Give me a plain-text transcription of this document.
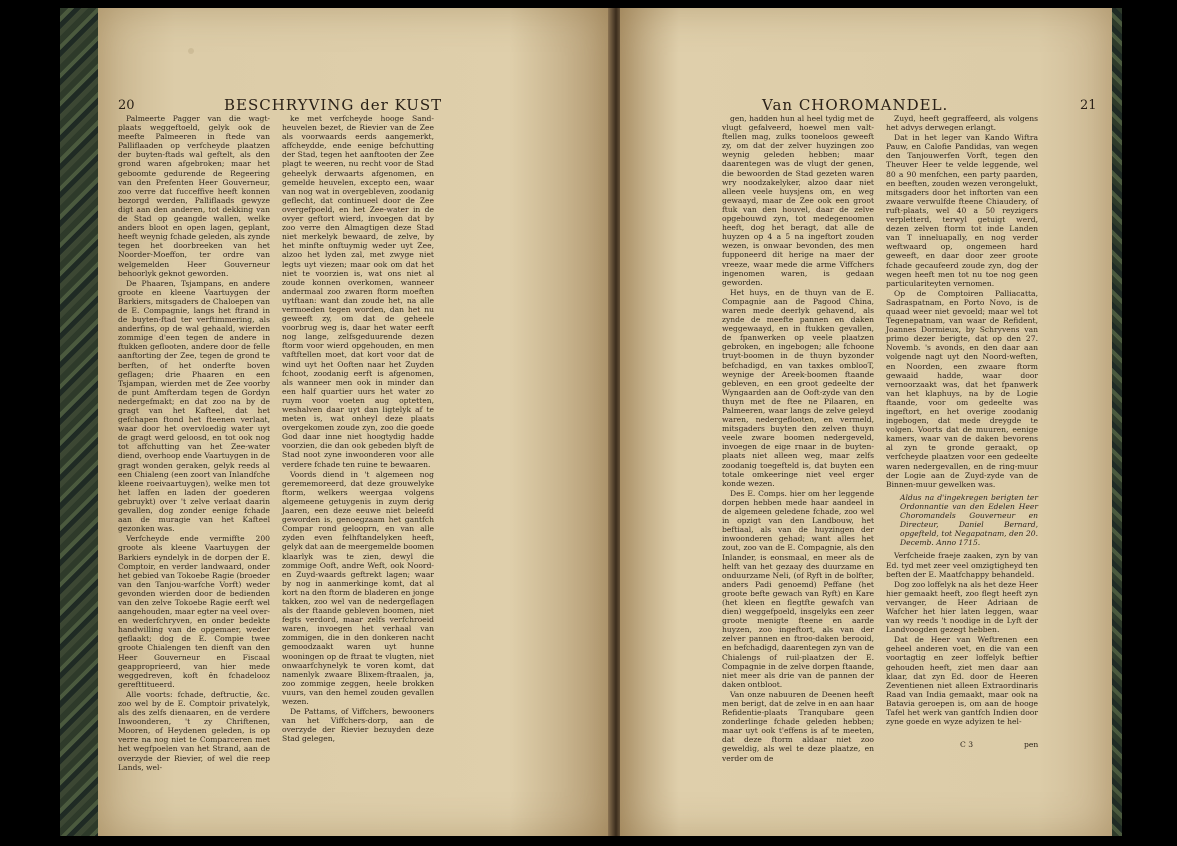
20	BESCHRYVING der KUST

Palmeerte Pagger van die wagt-plaats weggeftoeld, gelyk ook de meefte Palmeeren in ftede van Palliflaaden op verfcheyde plaatzen der buyten-ftads wal geftelt, als den grond waren afgebroken; maar het geboomte gedurende de Regeering van den Prefenten Heer Gouverneur, zoo verre dat fucceffive heeft konnen bezorgd werden, Palliflaads gewyze digt aan den anderen, tot dekking van de Stad op geangde wallen, welke anders bloot en open lagen, geplant, heeft weynig fchade geleden, als zynde tegen het doorbreeken van het Noorder-Moeffon, ter ordre van welgemelden Heer Gouverneur behoorlyk geknot geworden.

De Phaaren, Tsjampans, en andere groote en kleene Vaartuygen der Barkiers, mitsgaders de Chaloepen van de E. Compagnie, langs het ftrand in de buyten-ftad ter verftimmering, als anderfins, op de wal gehaald, wierden zommige d'een tegen de andere in ftukken geflooten, andere door de felle aanftorting der Zee, tegen de grond te berften, of het onderfte boven geflagen; drie Phaaren en een Tsjampan, wierden met de Zee voorby de punt Amfterdam tegen de Gordyn nedergefmakt; en dat zoo na by de gragt van het Kafteel, dat het gefchapen ftond het fteenen verlaat, waar door het overvloedig water uyt de gragt werd geloosd, en tot ook nog tot affchutting van het Zee-water diend, overhoop ende Vaartuygen in de gragt wonden geraken, gelyk reeds al een Chialeng (een zoort van Inlandfche kleene roeivaartuygen), welke men tot het laffen en laden der goederen gebruykt) over 't zelve verlaat daarin gevallen, dog zonder eenige fchade aan de muragie van het Kafteel gezonken was.

Verfcheyde ende vermiffte 200 groote als kleene Vaartuygen der Barkiers eyndelyk in de dorpen der E. Comptoir, en verder landwaard, onder het gebied van Tokoebe Ragie (broeder van den Tanjou-warfche Vorft) weder gevonden wierden door de bedienden van den zelve Tokoebe Ragie eerft wel aangehouden, maar egter na veel over-en wederfchryven, en onder bedekte handwilling van de opgemaer, weder geflaakt; dog de E. Compie twee groote Chialengen ten dienft van den Heer Gouverneur en Fiscaal geapproprieerd, van hier mede weggedreven, koft ên fchadelooz gerefttitueerd.

Alle voorts: fchade, deftructie, &c. zoo wel by de E. Comptoir privatelyk, als des zelfs dienaaren, en de verdere Inwoonderen, 't zy Chriftenen, Mooren, of Heydenen geleden, is op verre na nog niet te Comparceren met het wegfpoelen van het Strand, aan de overzyde der Rievier, of wel die reep Lands, wel-

ke met verfcheyde hooge Sand-heuvelen bezet, de Rievier van de Zee als voorwaards eerds aangemerkt, affcheydde, ende eenige befchutting der Stad, tegen het aanftooten der Zee plagt te weeren, nu recht voor de Stad geheelyk derwaarts afgenomen, en gemelde heuvelen, excepto een, waar van nog wat in overgebleven, zoodanig geflecht, dat continueel door de Zee overgefpoeld, en het Zee-water in de ovyer geftort wierd, invoegen dat by zoo verre den Almagtigen deze Stad niet merkelyk bewaard, de zelve, by het minfte onftuymig weder uyt Zee, alzoo het lyden zal, met zwyge niet legts uyt viezen; maar ook om dat het niet te voorzien is, wat ons niet al zoude konnen overkomen, wanneer andermaal zoo zwaren ftorm moeften uytftaan: want dan zoude het, na alle vermoeden tegen worden, dan het nu geweeft zy, om dat de geheele voorbrug weg is, daar het water eerft nog lange, zelfsgeduurende dezen ftorm voor wierd opgehouden, en men vaftftellen moet, dat kort voor dat de wind uyt het Ooften naar het Zuyden fchoot, zoodanig eerft is afgenomen, als wanneer men ook in minder dan een half quartier uurs het water zo ruym voor voeten aug optetten, weshalven daar uyt dan ligtelyk af te meten is, wat onheyl deze plaats overgekomen zoude zyn, zoo die goede God daar inne niet hoogtydig hadde voorzien, die dan ook gebeden blyft de Stad noot zyne inwoonderen voor alle verdere fchade ten ruine te bewaaren.

Voords diend in 't algemeen nog gerememoreerd, dat deze grouwelyke ftorm, welkers weergaa volgens algemeene getuygenis in zuym derig Jaaren, een deze eeuwe niet beleefd geworden is, genoegzaam het gantfch Compar rond gelooprn, en van alle zyden even felhftandelyken heeft, gelyk dat aan de meergemelde boomen klaarlyk was te zien, dewyl die zommige Ooft, andre Weft, ook Noord-en Zuyd-waards geftrekt lagen; waar by nog in aanmerkinge komt, dat al kort na den ftorm de bladeren en jonge takken, zoo wel van de nedergeflagen als der ftaande gebleven boomen, niet fegts verdord, maar zelfs verfchroeid waren, invoegen het verhaal van zommigen, die in den donkeren nacht gemoodzaakt waren uyt hunne wooningen op de ftraat te vlugten, niet onwaarfchynelyk te voren komt, dat namenlyk zwaare Blixem-ftraalen, ja, zoo zommige zeggen, heele brokken vuurs, van den hemel zouden gevallen wezen.

De Pattams, of Viffchers, bewooners van het Viffchers-dorp, aan de overzyde der Rievier bezuyden deze Stad gelegen,

Van CHOROMANDEL.	21

gen, hadden hun al heel tydig met de vlugt gefalveerd, hoewel men valt-ftellen mag, zulks tooneloos geweeft zy, om dat der zelver huyzingen zoo weynig geleden hebben; maar daarentegen was de vlugt der genen, die bewoorden de Stad gezeten waren wry noodzakelyker, alzoo daar niet alleen veele huysjens om, en weg gewaayd, maar de Zee ook een groot ftuk van den houvel, daar de zelve opgebouwd zyn, tot medegenoomen heeft, dog het beragt, dat alle de huyzen op 4 a 5 na ingeftort zouden wezen, is onwaar bevonden, des men fupponeerd dit herige na maer der vreeze, waar mede die arme Viffchers ingenomen waren, is gedaan geworden.

Het huys, en de thuyn van de E. Compagnie aan de Pagood China, waren mede deerlyk gehavend, als zynde de meefte pannen en daken weggewaayd, en in ftukken gevallen, de fpanwerken op veele plaatzen gebroken, en ingebogen; alle fchoone truyt-boomen in de thuyn byzonder befchadigd, en van taxkes omblooT, weynige der Areek-boomen ftaande gebleven, en een groot gedeelte der Wyngaarden aan de Ooft-zyde van den thuyn met de ftee ne Pilaaren, en Palmeeren, waar langs de zelve geleyd waren, nedergeflooten, en vermeld, mitsgaders buyten den zelven thuyn veele zware boomen nedergeveld, invoegen de eige rnaar in de buyten-plaats niet alleen weg, maar zelfs zoodanig toegefteld is, dat buyten een totale omkeeringe niet veel erger konde wezen.

Des E. Comps. hier om her leggende dorpen hebben mede haar aandeel in de algemeen geledene fchade, zoo wel in opzigt van den Landbouw, het beftiaal, als van de huyzingen der inwoonderen gehad; want alles het zout, zoo van de E. Compagnie, als den Inlander, is eonsmaal, en meer als de helft van het gezaay des duurzame en onduurzame Neli, (of Ryft in de bolfter, anders Padi genoemd) Peffane (het groote befte gewach van Ryft) en Kare (het kleen en flegtfte gewafch van dien) weggefpoeld, insgelyks een zeer groote menigte fteene en aarde huyzen, zoo ingeftort, als van der zelver pannen en ftroo-daken berooid, en befchadigd, daarentegen zyn van de Chialengs of ruil-plaatzen der E. Compagnie in de zelve dorpen ftaande, niet meer als drie van de pannen der daken ontbloot.

Van onze nabuuren de Deenen heeft men berigt, dat de zelve in en aan haar Refidentie-plaats Tranqubare geen zonderlinge fchade geleden hebben; maar uyt ook t'effens is af te meeten, dat deze ftorm aldaar niet zoo geweldig, als wel te deze plaatze, en verder om de

Zuyd, heeft gegraffeerd, als volgens het advys derwegen erlangt.

Dat in het leger van Kando Wiftra Pauw, en Calofie Pandidas, van wegen den Tanjouwerfen Vorft, tegen den Theuver Heer te velde leggende, wel 80 a 90 menfchen, een party paarden, en beeften, zouden wezen verongelukt, mitsgaders door het inftorten van een zwaare verwulfde fteene Chiaudery, of ruft-plaats, wel 40 a 50 reyzigers verpletterd, terwyl getuigt werd, dezen zelven ftorm tot inde Landen van T inneluapally, en nog verder weftwaard op, ongemeen hard geweeft, en daar door zeer groote fchade gecaufeerd zoude zyn, dog der wegen heeft men tot nu toe nog geen particulariteyten vernomen.

Op de Comptoiren Palliacatta, Sadraspatnam, en Porto Novo, is de quaad weer niet gevoeld; maar wel tot Tegenepatnam, van waar de Refident, Joannes Dormieux, by Schryvens van primo dezer berigte, dat op den 27. Novemb. 's avonds, en den daar aan volgende nagt uyt den Noord-weften, en Noorden, een zwaare ftorm gewaaid hadde, waar door vernoorzaakt was, dat het fpanwerk van het klaphuys, na by de Logie ftaande, voor om gedeelte was ingeftort, en het overige zoodanig ingebogen, dat mede dreygde te volgen. Voorts dat de muuren, eenige kamers, waar van de daken bevorens al zyn te gronde geraakt, op verfcheyde plaatzen voor een gedeelte waren nedergevallen, en de ring-muur der Logie aan de Zuyd-zyde van de Binnen-muur gewelken was.

Aldus na d'ingekregen berigten ter Ordonnantie van den Edelen Heer Choromandels Gouverneur en Directeur, Daniel Bernard, opgefteld, tot Negapatnam, den 20. Decemb. Anno 1715.

Verfcheide fraeje zaaken, zyn by van Ed. tyd met zeer veel omzigtigheyd ten beften der E. Maatfchappy behandeld.

Dog zoo loffelyk na als het deze Heer hier gemaakt heeft, zoo flegt heeft zyn vervanger, de Heer Adriaan de Wafcher het hier laten leggen, waar van wy reeds 't noodige in de Lyft der Landvoogden gezegt hebben.

Dat de Heer van Weftrenen een geheel anderen voet, en die van een voortagtig en zeer loffelyk beftier gehouden heeft, ziet men daar aan klaar, dat zyn Ed. door de Heeren Zeventienen niet alleen Extraordinaris Raad van India gemaakt, maar ook na Batavia geroepen is, om aan de hooge Tafel het werk van gantfch Indien door zyne goede en wyze adyizen te hel-

C 3	pen
